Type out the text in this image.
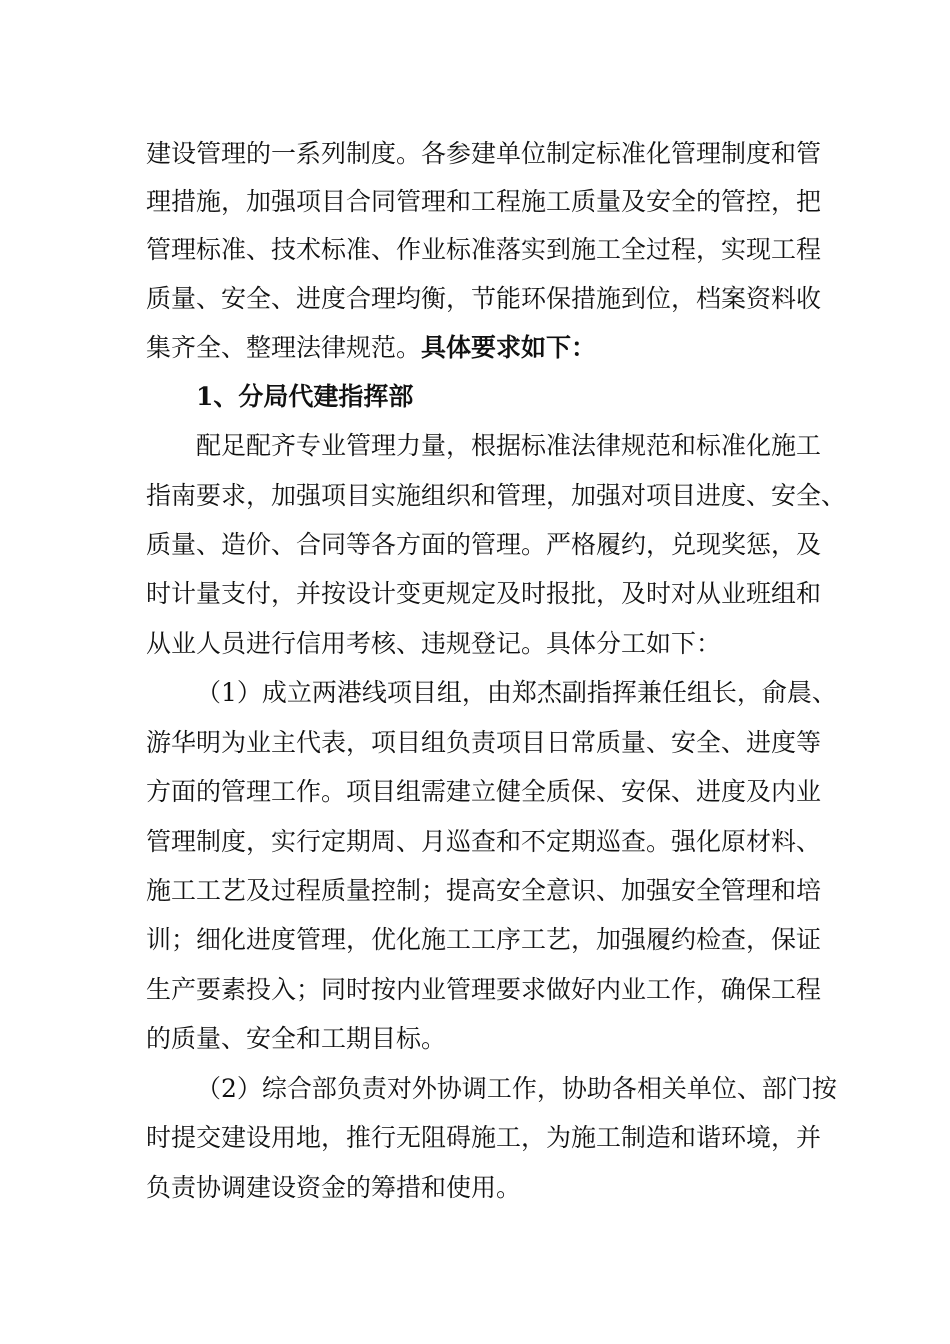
建设管理的一系列制度。各参建单位制定标准化管理制度和管
理措施，加强项目合同管理和工程施工质量及安全的管控，把
管理标准、技术标准、作业标准落实到施工全过程，实现工程
质量、安全、进度合理均衡，节能环保措施到位，档案资料收
集齐全、整理法律规范。具体要求如下：
1、分局代建指挥部
配足配齐专业管理力量，根据标准法律规范和标准化施工
指南要求，加强项目实施组织和管理，加强对项目进度、安全、
质量、造价、合同等各方面的管理。严格履约，兑现奖惩，及
时计量支付，并按设计变更规定及时报批，及时对从业班组和
从业人员进行信用考核、违规登记。具体分工如下：
（1）成立两港线项目组，由郑杰副指挥兼任组长，俞晨、
游华明为业主代表，项目组负责项目日常质量、安全、进度等
方面的管理工作。项目组需建立健全质保、安保、进度及内业
管理制度，实行定期周、月巡查和不定期巡查。强化原材料、
施工工艺及过程质量控制；提高安全意识、加强安全管理和培
训；细化进度管理，优化施工工序工艺，加强履约检查，保证
生产要素投入；同时按内业管理要求做好内业工作，确保工程
的质量、安全和工期目标。
（2）综合部负责对外协调工作，协助各相关单位、部门按
时提交建设用地，推行无阻碍施工，为施工制造和谐环境，并
负责协调建设资金的筹措和使用。
